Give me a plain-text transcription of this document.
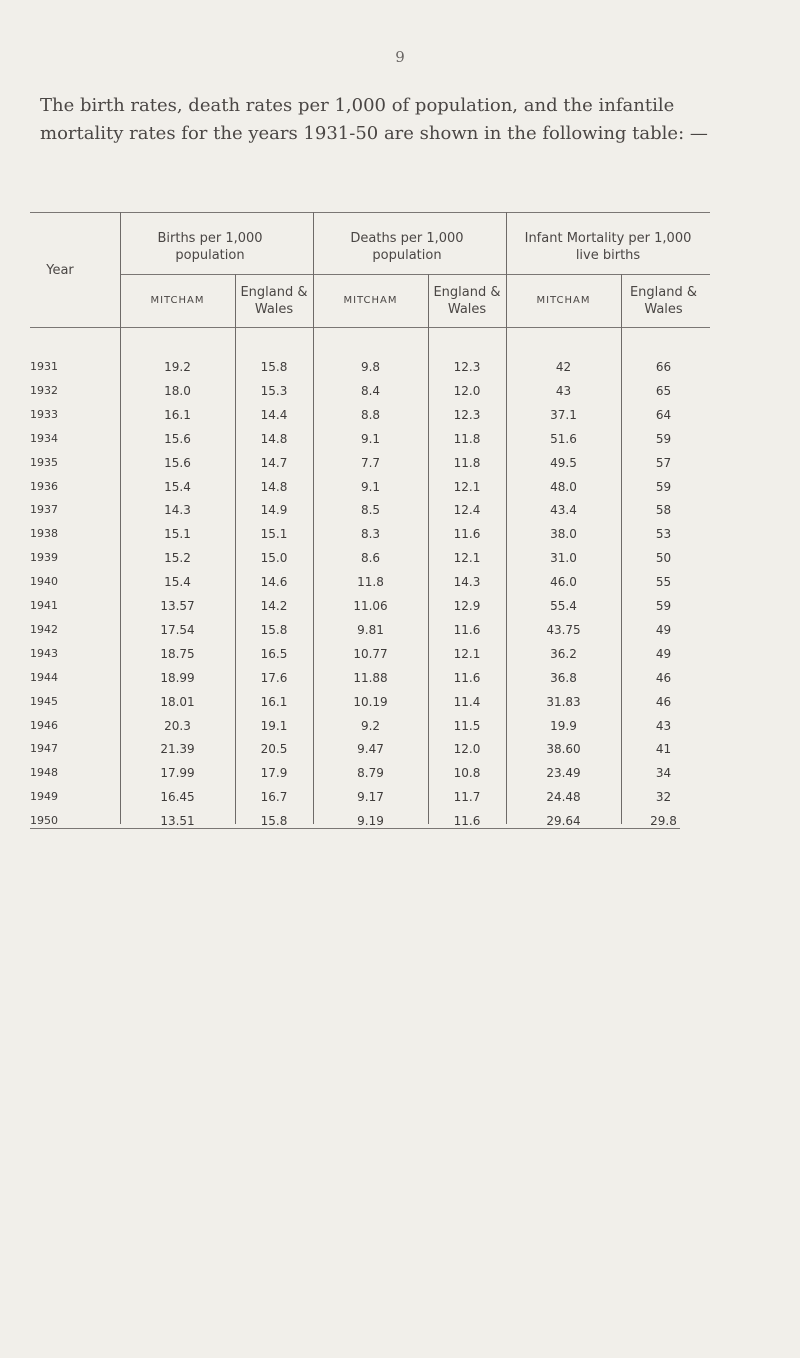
9
The birth rates, death rates per 1,000 of population, and the infantile mortality rates for the years 1931-50 are shown in the following table: —
Year
Births per 1,000 population
Deaths per 1,000 population
Infant Mortality per 1,000 live births
MITCHAM
England & Wales
MITCHAM
England & Wales
MITCHAM
England & Wales
1931	19.2	15.8	9.8	12.3	42	66
1932	18.0	15.3	8.4	12.0	43	65
1933	16.1	14.4	8.8	12.3	37.1	64
1934	15.6	14.8	9.1	11.8	51.6	59
1935	15.6	14.7	7.7	11.8	49.5	57
1936	15.4	14.8	9.1	12.1	48.0	59
1937	14.3	14.9	8.5	12.4	43.4	58
1938	15.1	15.1	8.3	11.6	38.0	53
1939	15.2	15.0	8.6	12.1	31.0	50
1940	15.4	14.6	11.8	14.3	46.0	55
1941	13.57	14.2	11.06	12.9	55.4	59
1942	17.54	15.8	9.81	11.6	43.75	49
1943	18.75	16.5	10.77	12.1	36.2	49
1944	18.99	17.6	11.88	11.6	36.8	46
1945	18.01	16.1	10.19	11.4	31.83	46
1946	20.3	19.1	9.2	11.5	19.9	43
1947	21.39	20.5	9.47	12.0	38.60	41
1948	17.99	17.9	8.79	10.8	23.49	34
1949	16.45	16.7	9.17	11.7	24.48	32
1950	13.51	15.8	9.19	11.6	29.64	29.8
